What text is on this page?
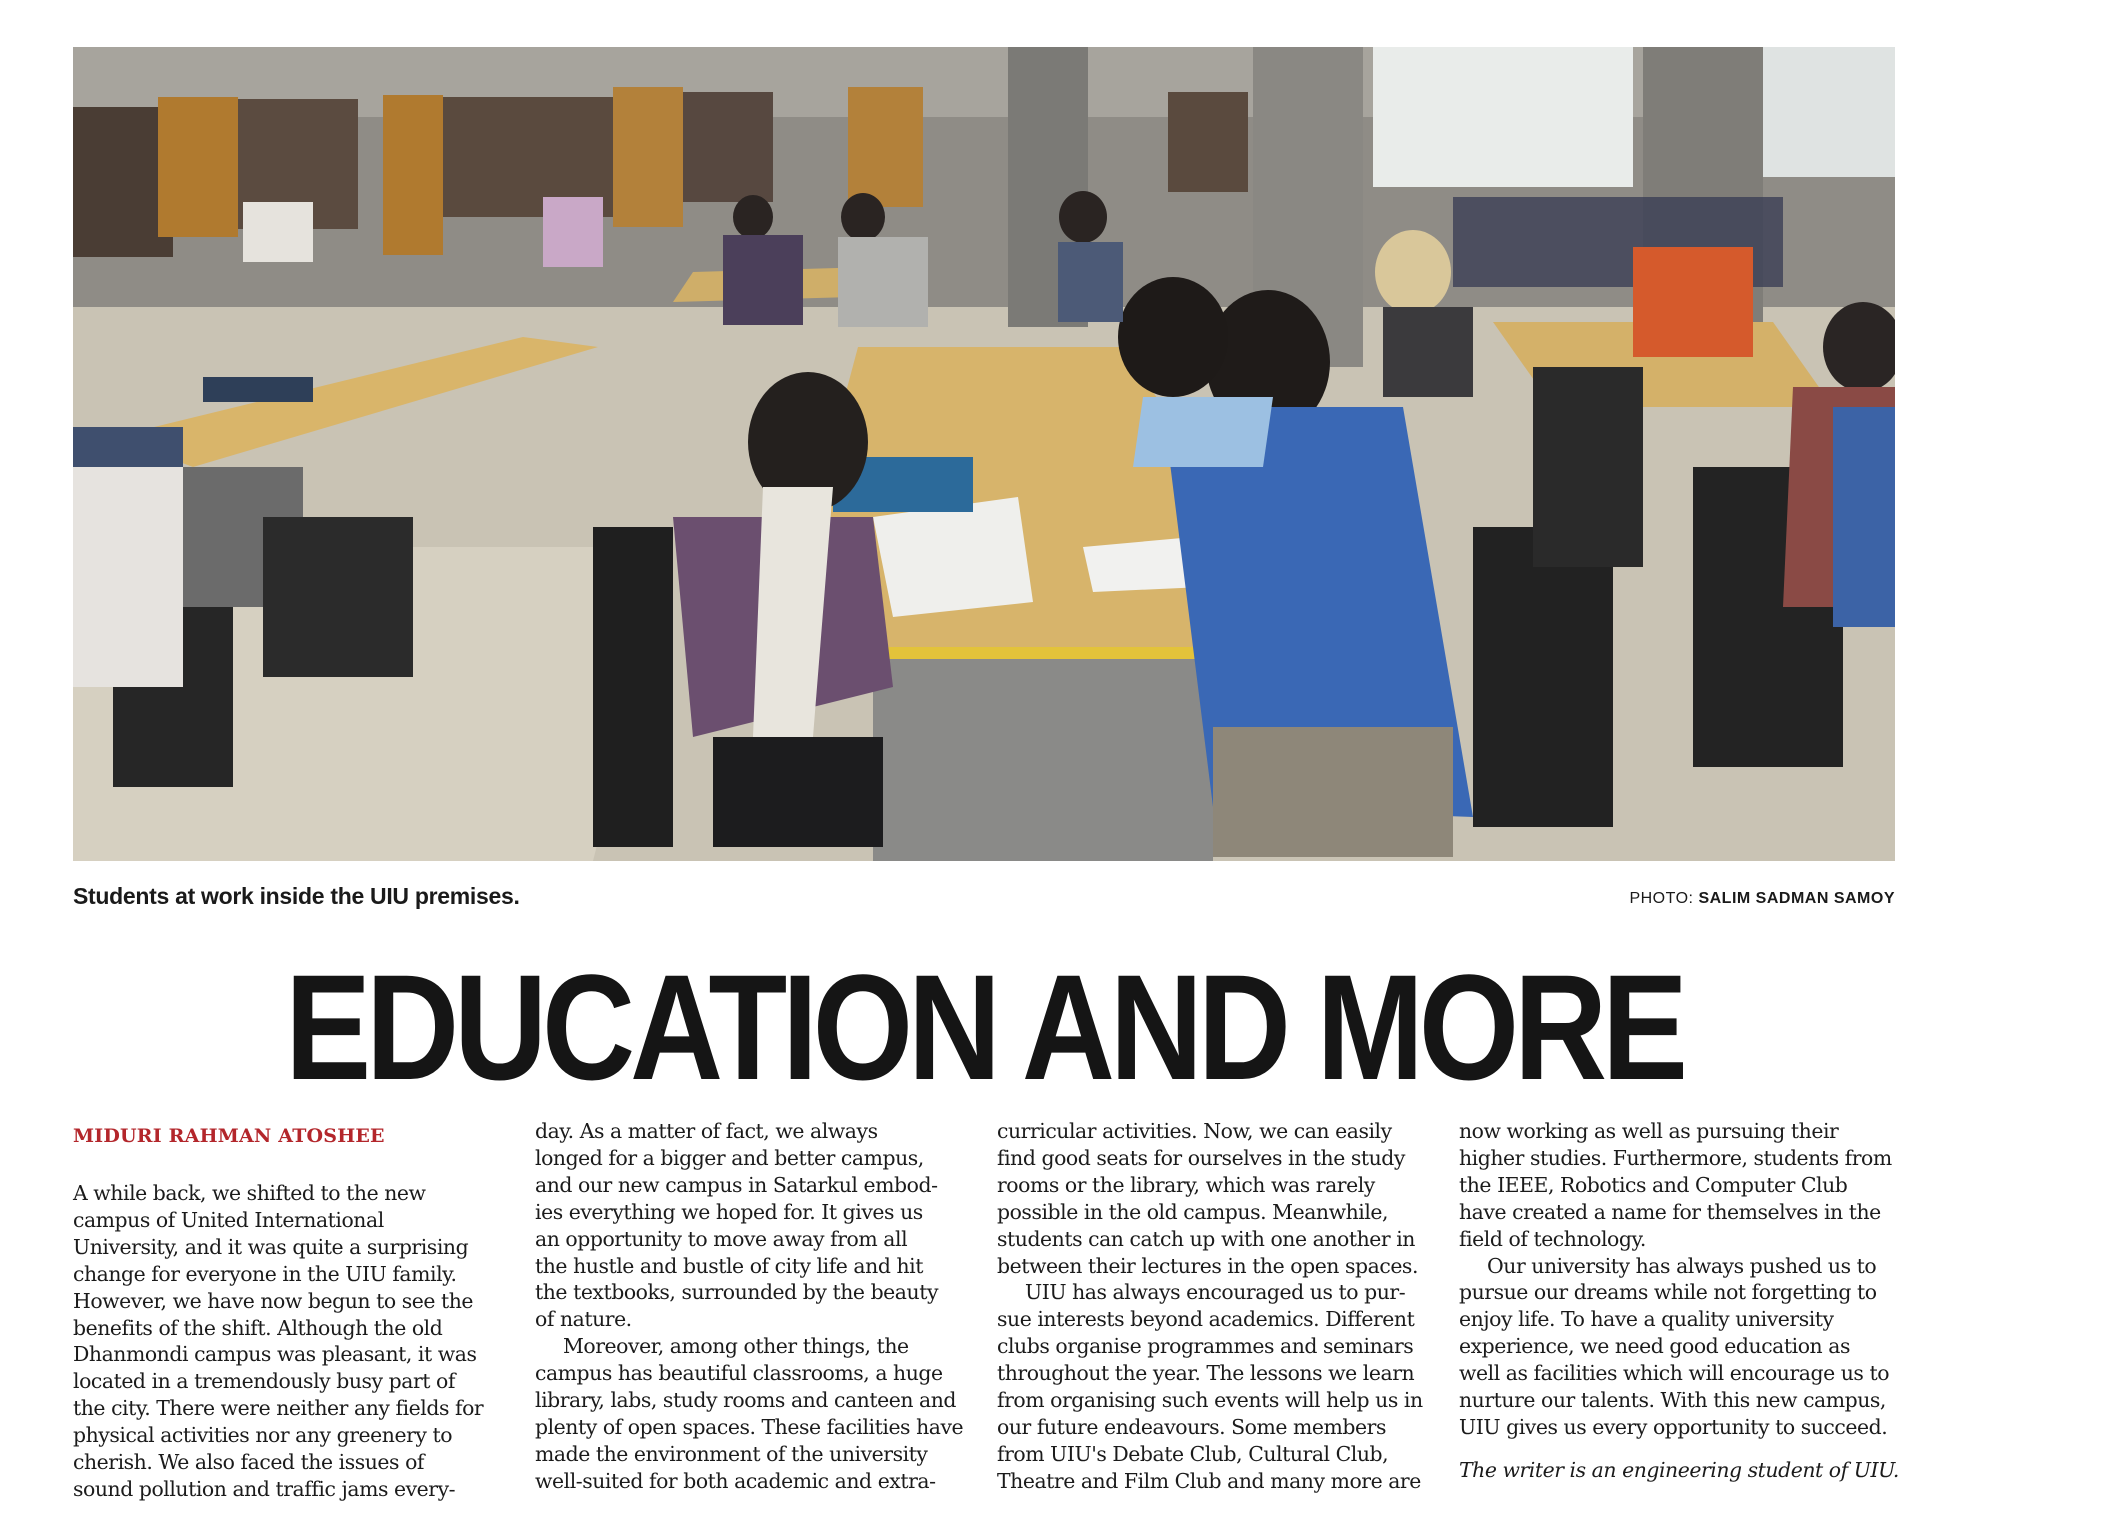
Students at work inside the UIU premises.	PHOTO: SALIM SADMAN SAMOY
EDUCATION AND MORE
MIDURI RAHMAN ATOSHEE
A while back, we shifted to the new
campus of United International
University, and it was quite a surprising
change for everyone in the UIU family.
However, we have now begun to see the
benefits of the shift. Although the old
Dhanmondi campus was pleasant, it was
located in a tremendously busy part of
the city. There were neither any fields for
physical activities nor any greenery to
cherish. We also faced the issues of
sound pollution and traffic jams every-
day. As a matter of fact, we always
longed for a bigger and better campus,
and our new campus in Satarkul embod-
ies everything we hoped for. It gives us
an opportunity to move away from all
the hustle and bustle of city life and hit
the textbooks, surrounded by the beauty
of nature.
Moreover, among other things, the
campus has beautiful classrooms, a huge
library, labs, study rooms and canteen and
plenty of open spaces. These facilities have
made the environment of the university
well-suited for both academic and extra-
curricular activities. Now, we can easily
find good seats for ourselves in the study
rooms or the library, which was rarely
possible in the old campus. Meanwhile,
students can catch up with one another in
between their lectures in the open spaces.
UIU has always encouraged us to pur-
sue interests beyond academics. Different
clubs organise programmes and seminars
throughout the year. The lessons we learn
from organising such events will help us in
our future endeavours. Some members
from UIU's Debate Club, Cultural Club,
Theatre and Film Club and many more are
now working as well as pursuing their
higher studies. Furthermore, students from
the IEEE, Robotics and Computer Club
have created a name for themselves in the
field of technology.
Our university has always pushed us to
pursue our dreams while not forgetting to
enjoy life. To have a quality university
experience, we need good education as
well as facilities which will encourage us to
nurture our talents. With this new campus,
UIU gives us every opportunity to succeed.
The writer is an engineering student of UIU.
